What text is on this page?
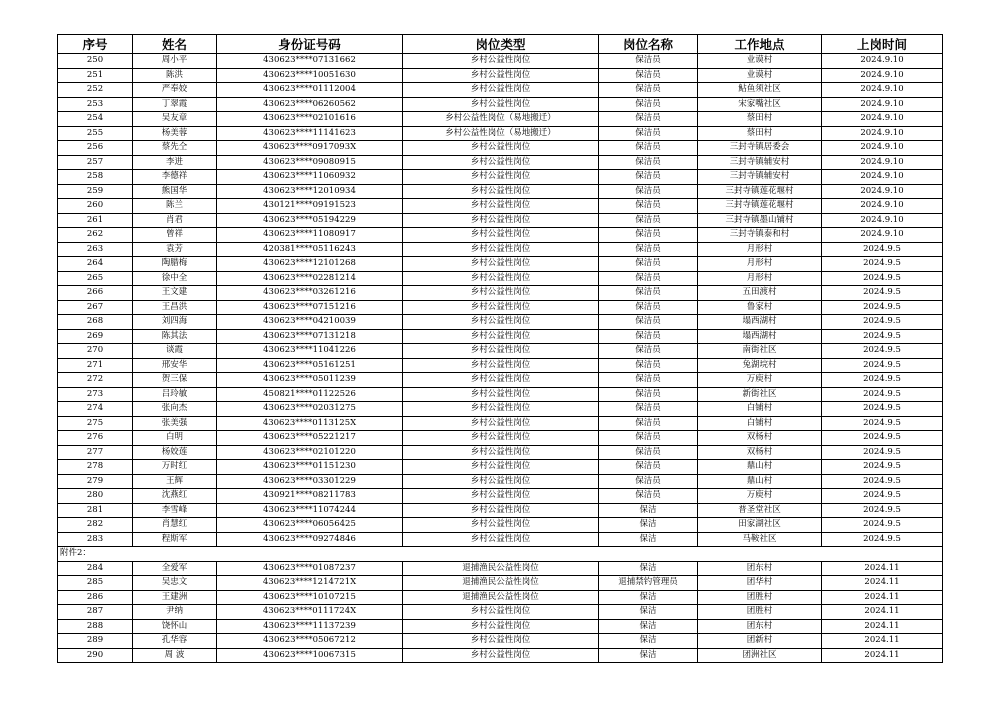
序号	姓名	身份证号码	岗位类型	岗位名称	工作地点	上岗时间
250	周小平	430623****07131662	乡村公益性岗位	保洁员	业谟村	2024.9.10
251	陈洪	430623****10051630	乡村公益性岗位	保洁员	业谟村	2024.9.10
252	严奉姣	430623****01112004	乡村公益性岗位	保洁员	鲇鱼须社区	2024.9.10
253	丁翠霞	430623****06260562	乡村公益性岗位	保洁员	宋家嘴社区	2024.9.10
254	吴友章	430623****02101616	乡村公益性岗位（易地搬迁）	保洁员	蔡田村	2024.9.10
255	杨美蓉	430623****11141623	乡村公益性岗位（易地搬迁）	保洁员	蔡田村	2024.9.10
256	蔡先仝	430623****0917093X	乡村公益性岗位	保洁员	三封寺镇居委会	2024.9.10
257	李进	430623****09080915	乡村公益性岗位	保洁员	三封寺镇辅安村	2024.9.10
258	李德祥	430623****11060932	乡村公益性岗位	保洁员	三封寺镇辅安村	2024.9.10
259	熊国华	430623****12010934	乡村公益性岗位	保洁员	三封寺镇莲花堰村	2024.9.10
260	陈兰	430121****09191523	乡村公益性岗位	保洁员	三封寺镇莲花堰村	2024.9.10
261	肖君	430623****05194229	乡村公益性岗位	保洁员	三封寺镇墨山铺村	2024.9.10
262	曾祥	430623****11080917	乡村公益性岗位	保洁员	三封寺镇泰和村	2024.9.10
263	袁芳	420381****05116243	乡村公益性岗位	保洁员	月形村	2024.9.5
264	陶腊梅	430623****12101268	乡村公益性岗位	保洁员	月形村	2024.9.5
265	徐中全	430623****02281214	乡村公益性岗位	保洁员	月形村	2024.9.5
266	王文建	430623****03261216	乡村公益性岗位	保洁员	五田渡村	2024.9.5
267	王昌洪	430623****07151216	乡村公益性岗位	保洁员	鲁家村	2024.9.5
268	刘四海	430623****04210039	乡村公益性岗位	保洁员	塌西湖村	2024.9.5
269	陈其法	430623****07131218	乡村公益性岗位	保洁员	塌西湖村	2024.9.5
270	谈霞	430623****11041226	乡村公益性岗位	保洁员	南街社区	2024.9.5
271	邢安华	430623****05161251	乡村公益性岗位	保洁员	兔湖垸村	2024.9.5
272	贺三保	430623****05011239	乡村公益性岗位	保洁员	万庾村	2024.9.5
273	吕玲敏	450821****01122526	乡村公益性岗位	保洁员	新街社区	2024.9.5
274	张向杰	430623****02031275	乡村公益性岗位	保洁员	白铺村	2024.9.5
275	张美强	430623****0113125X	乡村公益性岗位	保洁员	白铺村	2024.9.5
276	白明	430623****05221217	乡村公益性岗位	保洁员	双杨村	2024.9.5
277	杨姣莲	430623****02101220	乡村公益性岗位	保洁员	双杨村	2024.9.5
278	万时红	430623****01151230	乡村公益性岗位	保洁员	鼎山村	2024.9.5
279	王辉	430623****03301229	乡村公益性岗位	保洁员	鼎山村	2024.9.5
280	沈燕红	430921****08211783	乡村公益性岗位	保洁员	万庾村	2024.9.5
281	李雪峰	430623****11074244	乡村公益性岗位	保洁	普圣堂社区	2024.9.5
282	肖慧红	430623****06056425	乡村公益性岗位	保洁	田家湖社区	2024.9.5
283	程斯军	430623****09274846	乡村公益性岗位	保洁	马鞍社区	2024.9.5
附件2：						
284	全爱军	430623****01087237	退捕渔民公益性岗位	保洁	团东村	2024.11
285	吴忠文	430623****1214721X	退捕渔民公益性岗位	退捕禁钓管理员	团华村	2024.11
286	王建洲	430623****10107215	退捕渔民公益性岗位	保洁	团胜村	2024.11
287	尹纳	430623****0111724X	乡村公益性岗位	保洁	团胜村	2024.11
288	饶怀山	430623****11137239	乡村公益性岗位	保洁	团东村	2024.11
289	孔华容	430623****05067212	乡村公益性岗位	保洁	团新村	2024.11
290	周 波	430623****10067315	乡村公益性岗位	保洁	团洲社区	2024.11
